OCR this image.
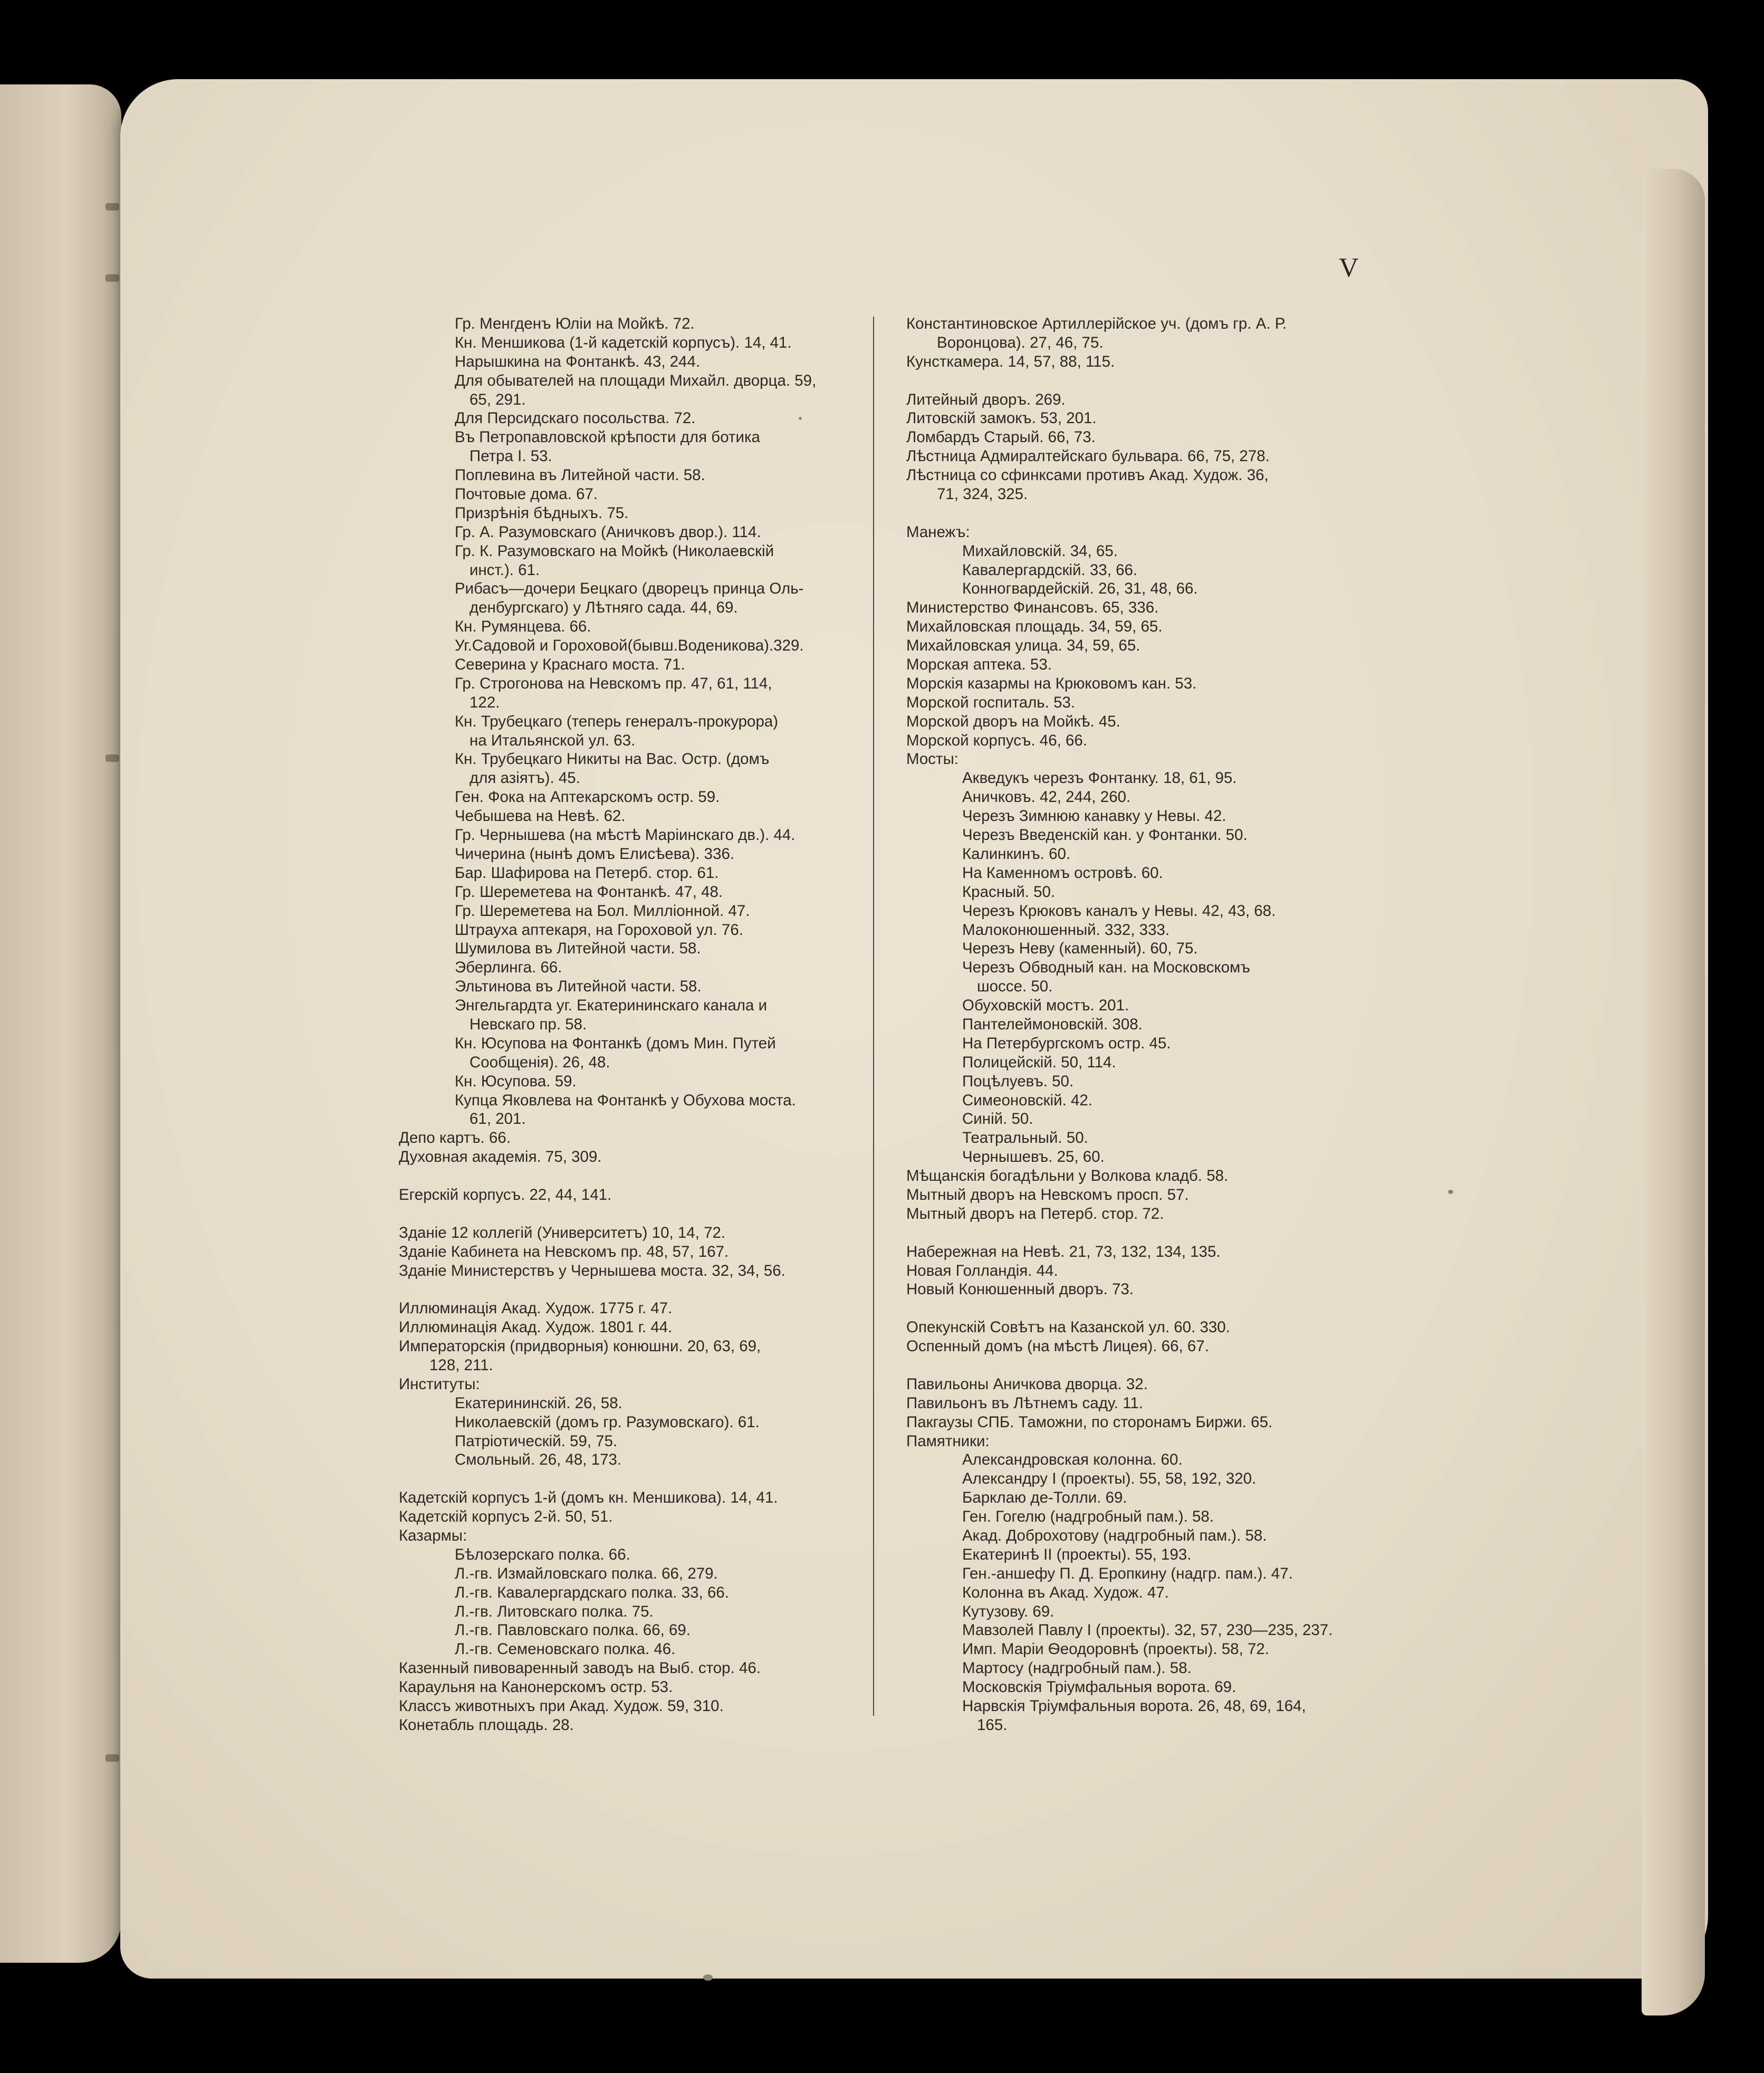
V
Гр. Менгденъ Юліи на Мойкѣ. 72.
Кн. Меншикова (1-й кадетскій корпусъ). 14, 41.
Нарышкина на Фонтанкѣ. 43, 244.
Для обывателей на площади Михайл. дворца. 59,
65, 291.
Для Персидскаго посольства. 72.
Въ Петропавловской крѣпости для ботика
Петра I. 53.
Поплевина въ Литейной части. 58.
Почтовые дома. 67.
Призрѣнія бѣдныхъ. 75.
Гр. А. Разумовскаго (Аничковъ двор.). 114.
Гр. К. Разумовскаго на Мойкѣ (Николаевскій
инст.). 61.
Рибасъ—дочери Бецкаго (дворецъ принца Оль-
денбургскаго) у Лѣтняго сада. 44, 69.
Кн. Румянцева. 66.
Уг.Садовой и Гороховой(бывш.Воденикова).329.
Северина у Краснаго моста. 71.
Гр. Строгонова на Невскомъ пр. 47, 61, 114,
122.
Кн. Трубецкаго (теперь генералъ-прокурора)
на Итальянской ул. 63.
Кн. Трубецкаго Никиты на Вас. Остр. (домъ
для азіятъ). 45.
Ген. Фока на Аптекарскомъ остр. 59.
Чебышева на Невѣ. 62.
Гр. Чернышева (на мѣстѣ Маріинскаго дв.). 44.
Чичерина (нынѣ домъ Елисѣева). 336.
Бар. Шафирова на Петерб. стор. 61.
Гр. Шереметева на Фонтанкѣ. 47, 48.
Гр. Шереметева на Бол. Милліонной. 47.
Штрауха аптекаря, на Гороховой ул. 76.
Шумилова въ Литейной части. 58.
Эберлинга. 66.
Эльтинова въ Литейной части. 58.
Энгельгардта уг. Екатерининскаго канала и
Невскаго пр. 58.
Кн. Юсупова на Фонтанкѣ (домъ Мин. Путей
Сообщенія). 26, 48.
Кн. Юсупова. 59.
Купца Яковлева на Фонтанкѣ у Обухова моста.
61, 201.
Депо картъ. 66.
Духовная академія. 75, 309.

Егерскій корпусъ. 22, 44, 141.

Зданіе 12 коллегій (Университетъ) 10, 14, 72.
Зданіе Кабинета на Невскомъ пр. 48, 57, 167.
Зданіе Министерствъ у Чернышева моста. 32, 34, 56.

Иллюминація Акад. Худож. 1775 г. 47.
Иллюминація Акад. Худож. 1801 г. 44.
Императорскія (придворныя) конюшни. 20, 63, 69,
128, 211.
Институты:
Екатерининскій. 26, 58.
Николаевскій (домъ гр. Разумовскаго). 61.
Патріотическій. 59, 75.
Смольный. 26, 48, 173.

Кадетскій корпусъ 1-й (домъ кн. Меншикова). 14, 41.
Кадетскій корпусъ 2-й. 50, 51.
Казармы:
Бѣлозерскаго полка. 66.
Л.-гв. Измайловскаго полка. 66, 279.
Л.-гв. Кавалергардскаго полка. 33, 66.
Л.-гв. Литовскаго полка. 75.
Л.-гв. Павловскаго полка. 66, 69.
Л.-гв. Семеновскаго полка. 46.
Казенный пивоваренный заводъ на Выб. стор. 46.
Караульня на Канонерскомъ остр. 53.
Классъ животныхъ при Акад. Худож. 59, 310.
Конетабль площадь. 28.
Константиновское Артиллерійское уч. (домъ гр. А. Р.
Воронцова). 27, 46, 75.
Кунсткамера. 14, 57, 88, 115.

Литейный дворъ. 269.
Литовскій замокъ. 53, 201.
Ломбардъ Старый. 66, 73.
Лѣстница Адмиралтейскаго бульвара. 66, 75, 278.
Лѣстница со сфинксами противъ Акад. Худож. 36,
71, 324, 325.

Манежъ:
Михайловскій. 34, 65.
Кавалергардскій. 33, 66.
Конногвардейскій. 26, 31, 48, 66.
Министерство Финансовъ. 65, 336.
Михайловская площадь. 34, 59, 65.
Михайловская улица. 34, 59, 65.
Морская аптека. 53.
Морскія казармы на Крюковомъ кан. 53.
Морской госпиталь. 53.
Морской дворъ на Мойкѣ. 45.
Морской корпусъ. 46, 66.
Мосты:
Акведукъ черезъ Фонтанку. 18, 61, 95.
Аничковъ. 42, 244, 260.
Черезъ Зимнюю канавку у Невы. 42.
Черезъ Введенскій кан. у Фонтанки. 50.
Калинкинъ. 60.
На Каменномъ островѣ. 60.
Красный. 50.
Черезъ Крюковъ каналъ у Невы. 42, 43, 68.
Малоконюшенный. 332, 333.
Черезъ Неву (каменный). 60, 75.
Черезъ Обводный кан. на Московскомъ
шоссе. 50.
Обуховскій мостъ. 201.
Пантелеймоновскій. 308.
На Петербургскомъ остр. 45.
Полицейскій. 50, 114.
Поцѣлуевъ. 50.
Симеоновскій. 42.
Синій. 50.
Театральный. 50.
Чернышевъ. 25, 60.
Мѣщанскія богадѣльни у Волкова кладб. 58.
Мытный дворъ на Невскомъ просп. 57.
Мытный дворъ на Петерб. стор. 72.

Набережная на Невѣ. 21, 73, 132, 134, 135.
Новая Голландія. 44.
Новый Конюшенный дворъ. 73.

Опекунскій Совѣтъ на Казанской ул. 60. 330.
Оспенный домъ (на мѣстѣ Лицея). 66, 67.

Павильоны Аничкова дворца. 32.
Павильонъ въ Лѣтнемъ саду. 11.
Пакгаузы СПБ. Таможни, по сторонамъ Биржи. 65.
Памятники:
Александровская колонна. 60.
Александру I (проекты). 55, 58, 192, 320.
Барклаю де-Толли. 69.
Ген. Гогелю (надгробный пам.). 58.
Акад. Доброхотову (надгробный пам.). 58.
Екатеринѣ II (проекты). 55, 193.
Ген.-аншефу П. Д. Еропкину (надгр. пам.). 47.
Колонна въ Акад. Худож. 47.
Кутузову. 69.
Мавзолей Павлу I (проекты). 32, 57, 230—235, 237.
Имп. Маріи Ѳеодоровнѣ (проекты). 58, 72.
Мартосу (надгробный пам.). 58.
Московскія Тріумфальныя ворота. 69.
Нарвскія Тріумфальныя ворота. 26, 48, 69, 164,
165.
